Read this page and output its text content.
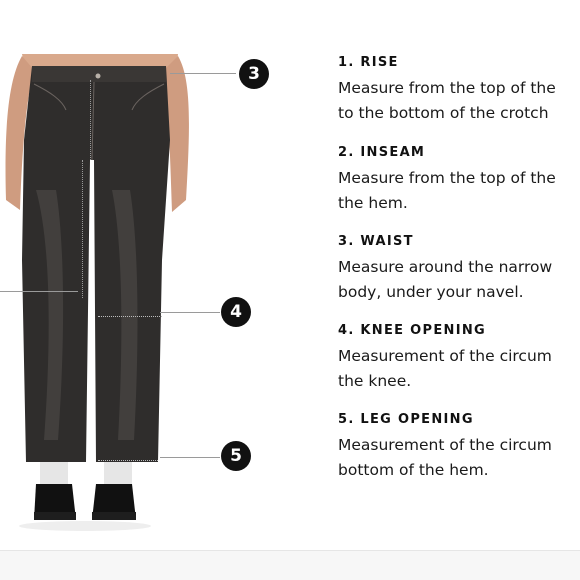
3
4
5
1. RISE
Measure from the top of the
to the bottom of the crotch
2. INSEAM
Measure from the top of the
the hem.
3. WAIST
Measure around the narrow
body, under your navel.
4. KNEE OPENING
Measurement of the circum
the knee.
5. LEG OPENING
Measurement of the circum
bottom of the hem.
